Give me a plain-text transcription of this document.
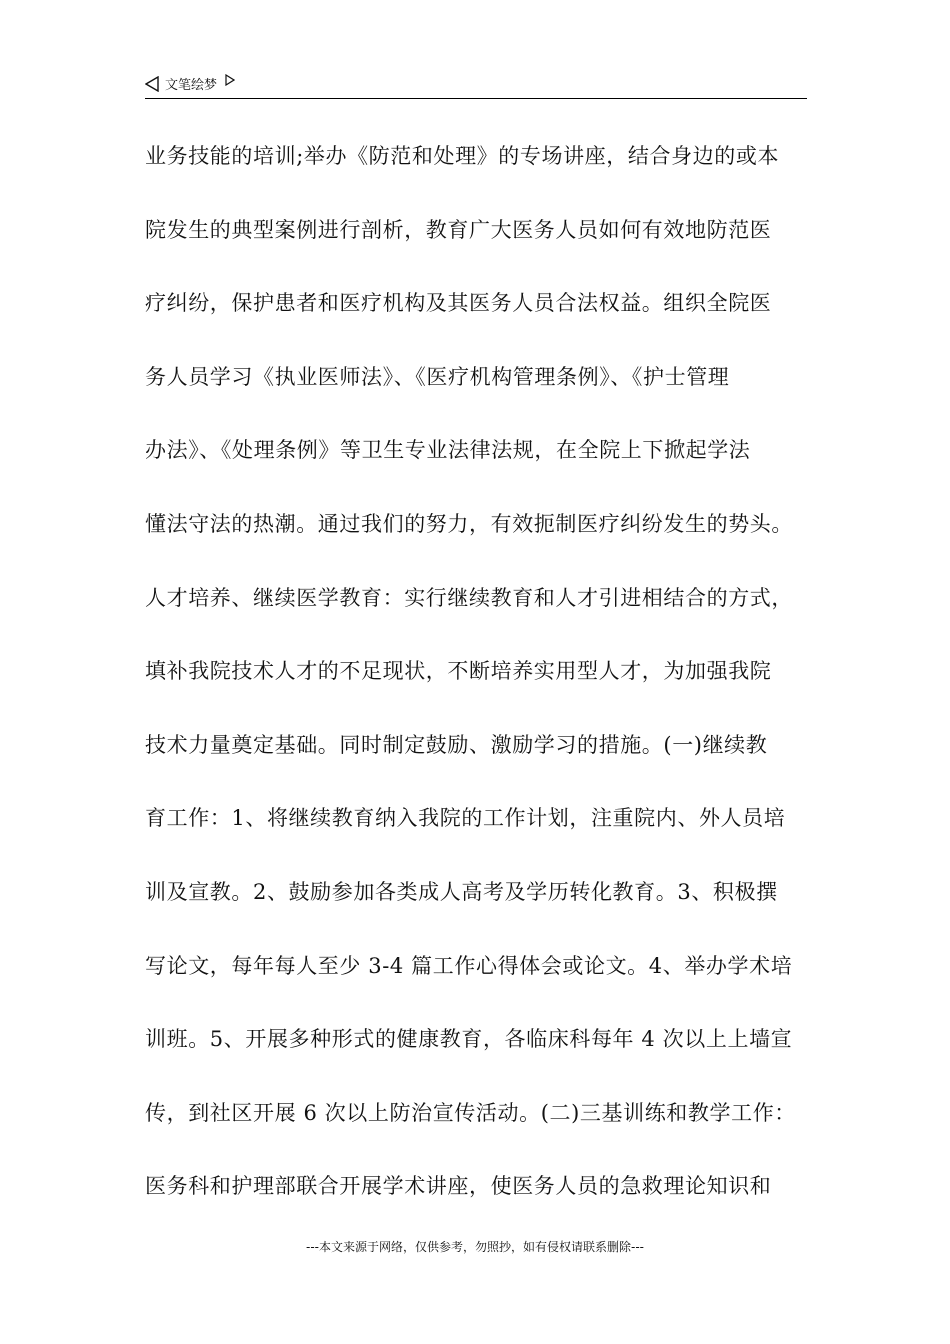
文笔绘梦
业务技能的培训;举办《防范和处理》的专场讲座，结合身边的或本
院发生的典型案例进行剖析，教育广大医务人员如何有效地防范医
疗纠纷，保护患者和医疗机构及其医务人员合法权益。组织全院医
务人员学习《执业医师法》、《医疗机构管理条例》、《护士管理
办法》、《处理条例》等卫生专业法律法规，在全院上下掀起学法
懂法守法的热潮。通过我们的努力，有效扼制医疗纠纷发生的势头。
人才培养、继续医学教育：实行继续教育和人才引进相结合的方式，
填补我院技术人才的不足现状，不断培养实用型人才，为加强我院
技术力量奠定基础。同时制定鼓励、激励学习的措施。(一)继续教
育工作：1、将继续教育纳入我院的工作计划，注重院内、外人员培
训及宣教。2、鼓励参加各类成人高考及学历转化教育。3、积极撰
写论文，每年每人至少 3-4 篇工作心得体会或论文。4、举办学术培
训班。5、开展多种形式的健康教育，各临床科每年 4 次以上上墙宣
传，到社区开展 6 次以上防治宣传活动。(二)三基训练和教学工作：
医务科和护理部联合开展学术讲座，使医务人员的急救理论知识和
---本文来源于网络，仅供参考，勿照抄，如有侵权请联系删除---
